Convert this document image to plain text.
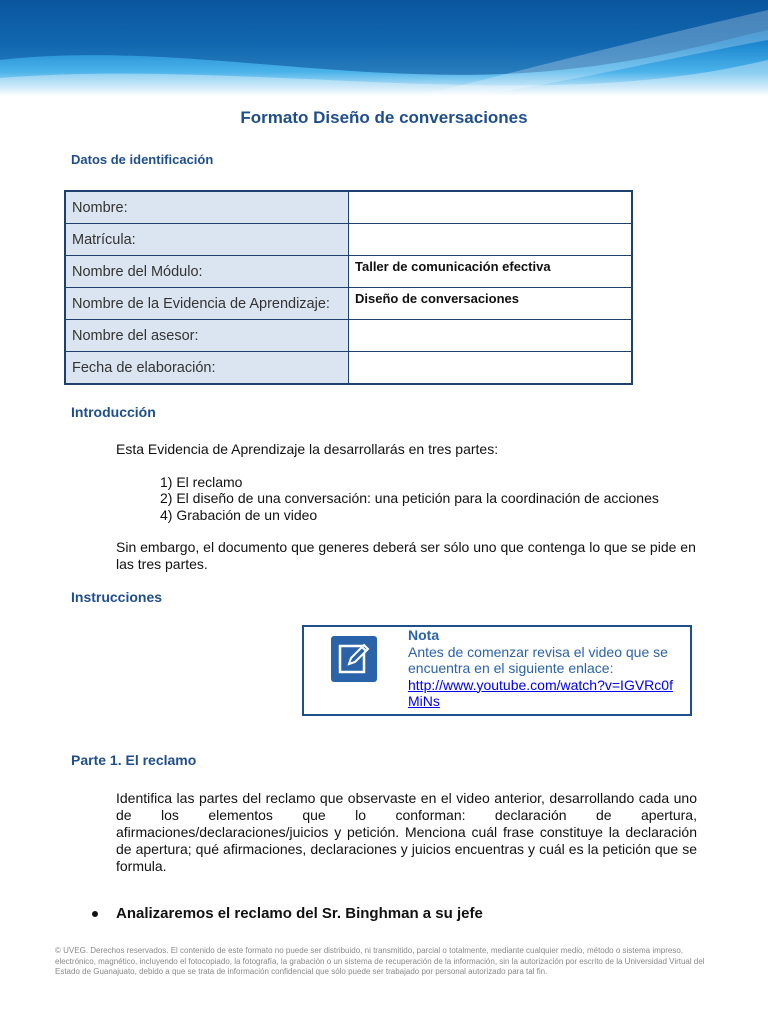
Formato Diseño de conversaciones
Datos de identificación
Nombre:	
Matrícula:	
Nombre del Módulo:	Taller de comunicación efectiva
Nombre de la Evidencia de Aprendizaje:	Diseño de conversaciones
Nombre del asesor:	
Fecha de elaboración:	
Introducción
Esta Evidencia de Aprendizaje la desarrollarás en tres partes:
1) El reclamo
2) El diseño de una conversación: una petición para la coordinación de acciones
4) Grabación de un video
Sin embargo, el documento que generes deberá ser sólo uno que contenga lo que se pide en las tres partes.
Instrucciones
Nota
Antes de comenzar revisa el video que se encuentra en el siguiente enlace:
http://www.youtube.com/watch?v=IGVRc0fMiNs
Parte 1. El reclamo
Identifica las partes del reclamo que observaste en el video anterior, desarrollando cada uno de los elementos que lo conforman: declaración de apertura, afirmaciones/declaraciones/juicios y petición. Menciona cuál frase constituye la declaración de apertura; qué afirmaciones, declaraciones y juicios encuentras y cuál es la petición que se formula.
Analizaremos el reclamo del Sr. Binghman a su jefe
© UVEG. Derechos reservados. El contenido de este formato no puede ser distribuido, ni transmitido, parcial o totalmente, mediante cualquier medio, método o sistema impreso, electrónico, magnético, incluyendo el fotocopiado, la fotografía, la grabación o un sistema de recuperación de la información, sin la autorización por escrito de la Universidad Virtual del Estado de Guanajuato, debido a que se trata de información confidencial que sólo puede ser trabajado por personal autorizado para tal fin.
